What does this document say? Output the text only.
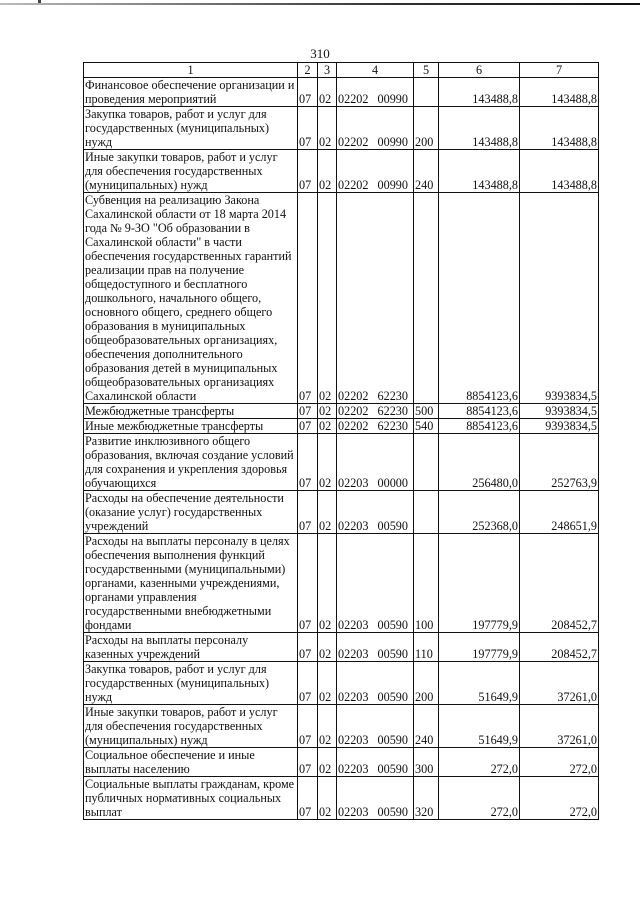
310
1	2	3	4	5	6	7
Финансовое обеспечение организации и проведения мероприятий	07	02	02202 00990		143488,8	143488,8
Закупка товаров, работ и услуг для государственных (муниципальных) нужд	07	02	02202 00990	200	143488,8	143488,8
Иные закупки товаров, работ и услуг для обеспечения государственных (муниципальных) нужд	07	02	02202 00990	240	143488,8	143488,8
Субвенция на реализацию Закона Сахалинской области от 18 марта 2014 года № 9-ЗО "Об образовании в Сахалинской области" в части обеспечения государственных гарантий реализации прав на получение общедоступного и бесплатного дошкольного, начального общего, основного общего, среднего общего образования в муниципальных общеобразовательных организациях, обеспечения дополнительного образования детей в муниципальных общеобразовательных организациях Сахалинской области	07	02	02202 62230		8854123,6	9393834,5
Межбюджетные трансферты	07	02	02202 62230	500	8854123,6	9393834,5
Иные межбюджетные трансферты	07	02	02202 62230	540	8854123,6	9393834,5
Развитие инклюзивного общего образования, включая создание условий для сохранения и укрепления здоровья обучающихся	07	02	02203 00000		256480,0	252763,9
Расходы на обеспечение деятельности (оказание услуг) государственных учреждений	07	02	02203 00590		252368,0	248651,9
Расходы на выплаты персоналу в целях обеспечения выполнения функций государственными (муниципальными) органами, казенными учреждениями, органами управления государственными внебюджетными фондами	07	02	02203 00590	100	197779,9	208452,7
Расходы на выплаты персоналу казенных учреждений	07	02	02203 00590	110	197779,9	208452,7
Закупка товаров, работ и услуг для государственных (муниципальных) нужд	07	02	02203 00590	200	51649,9	37261,0
Иные закупки товаров, работ и услуг для обеспечения государственных (муниципальных) нужд	07	02	02203 00590	240	51649,9	37261,0
Социальное обеспечение и иные выплаты населению	07	02	02203 00590	300	272,0	272,0
Социальные выплаты гражданам, кроме публичных нормативных социальных выплат	07	02	02203 00590	320	272,0	272,0
